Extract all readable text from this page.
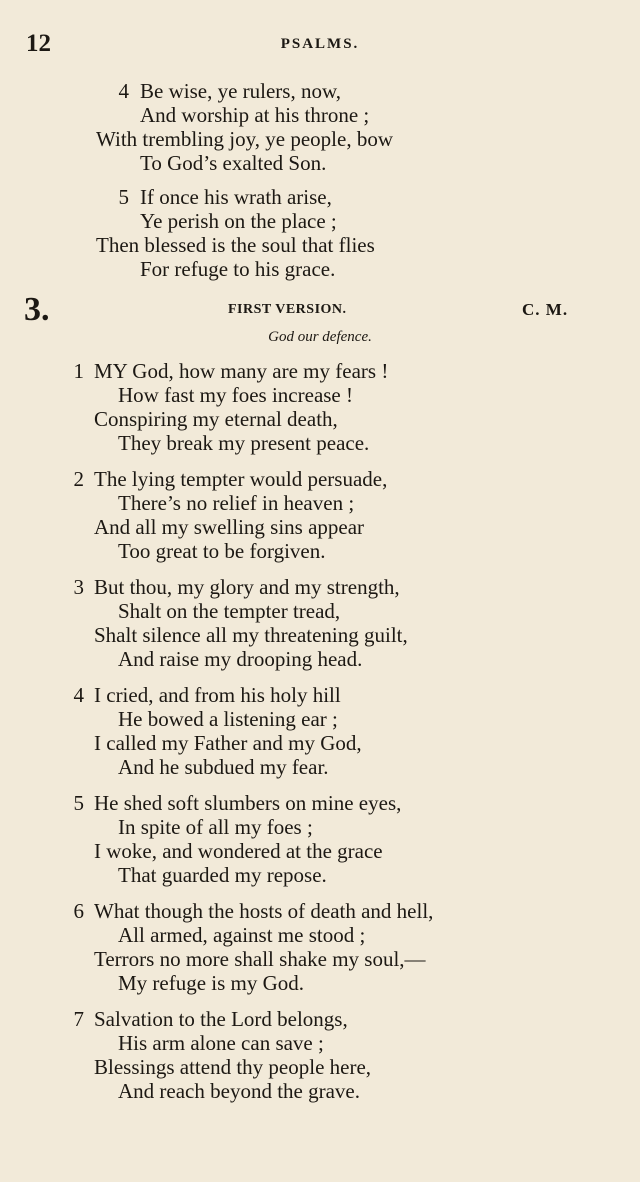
12	PSALMS.
4 Be wise, ye rulers, now,
And worship at his throne ;
With trembling joy, ye people, bow
To God’s exalted Son.
5 If once his wrath arise,
Ye perish on the place ;
Then blessed is the soul that flies
For refuge to his grace.
3.	FIRST VERSION.	C. M.
God our defence.
1 MY God, how many are my fears !
How fast my foes increase !
Conspiring my eternal death,
They break my present peace.
2 The lying tempter would persuade,
There’s no relief in heaven ;
And all my swelling sins appear
Too great to be forgiven.
3 But thou, my glory and my strength,
Shalt on the tempter tread,
Shalt silence all my threatening guilt,
And raise my drooping head.
4 I cried, and from his holy hill
He bowed a listening ear ;
I called my Father and my God,
And he subdued my fear.
5 He shed soft slumbers on mine eyes,
In spite of all my foes ;
I woke, and wondered at the grace
That guarded my repose.
6 What though the hosts of death and hell,
All armed, against me stood ;
Terrors no more shall shake my soul,—
My refuge is my God.
7 Salvation to the Lord belongs,
His arm alone can save ;
Blessings attend thy people here,
And reach beyond the grave.
